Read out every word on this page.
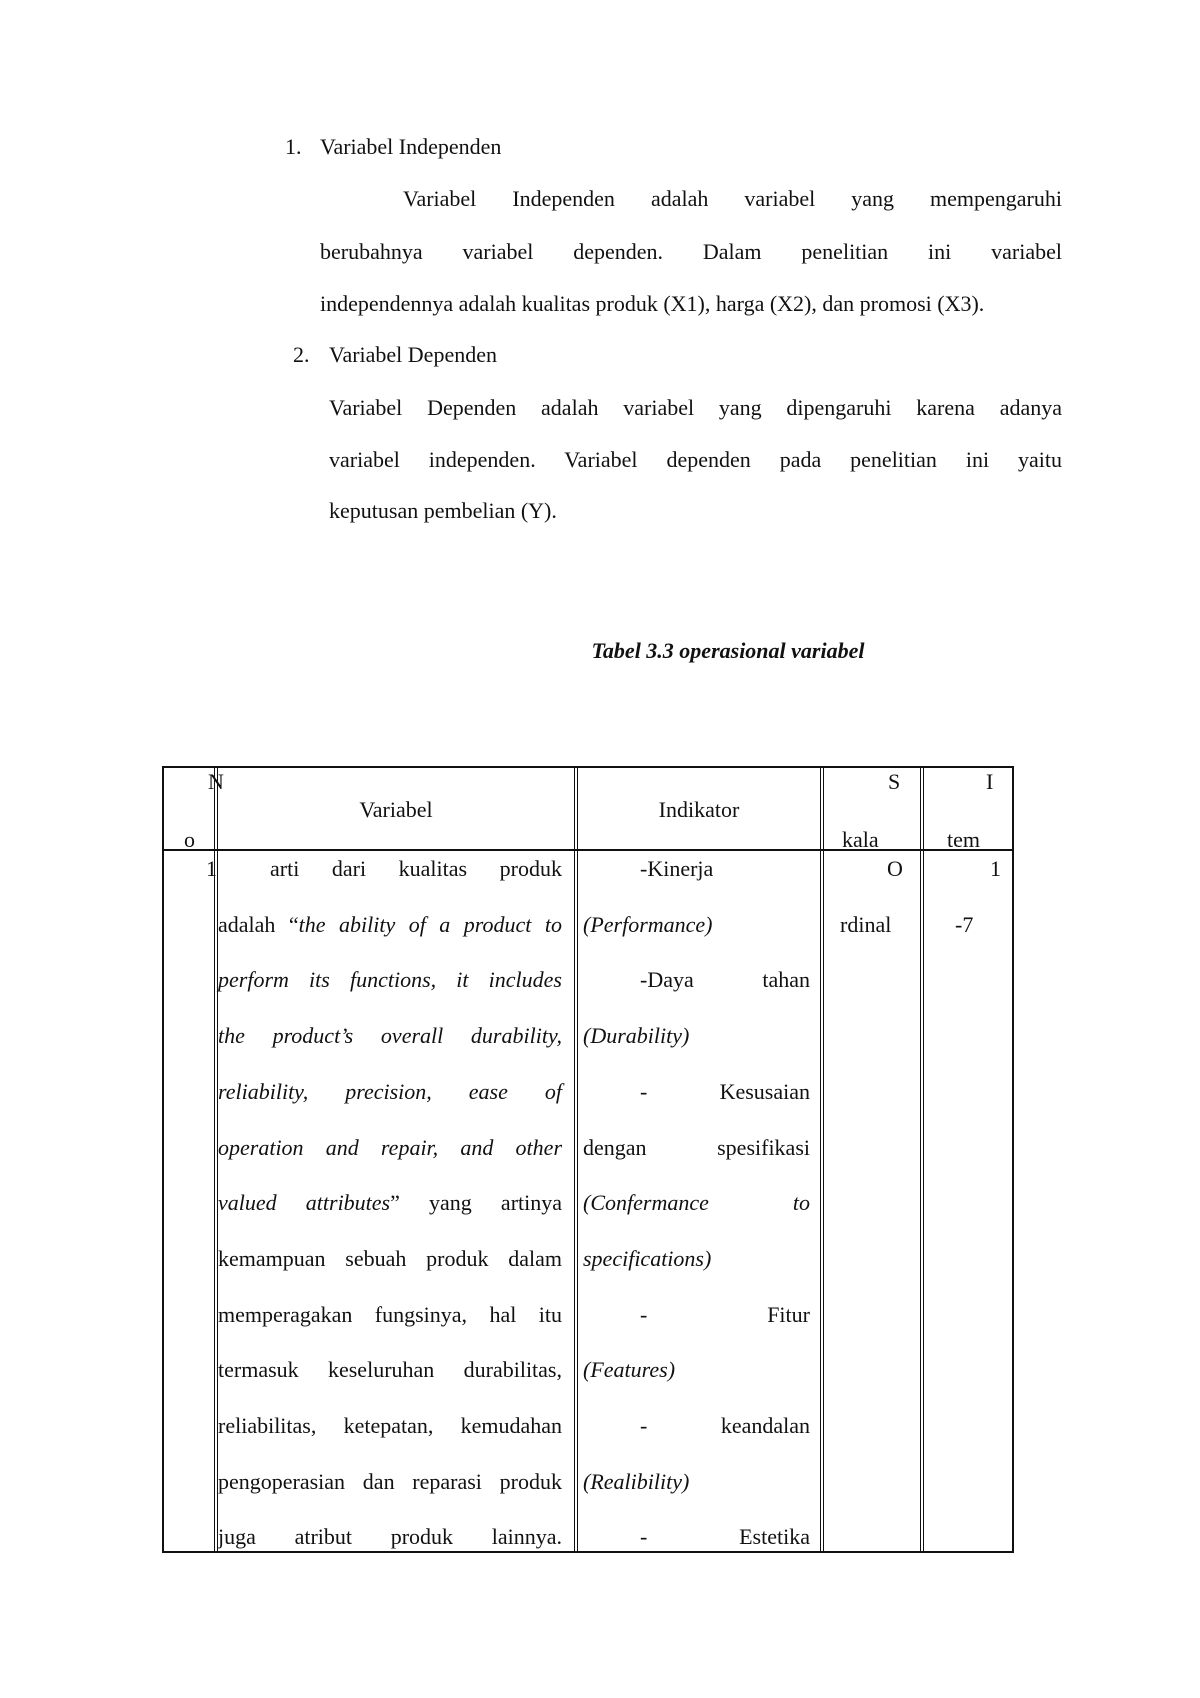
1. Variabel Independen
Variabel Independen adalah variabel yang mempengaruhi
berubahnya variabel dependen. Dalam penelitian ini variabel
independennya adalah kualitas produk (X1), harga (X2), dan promosi (X3).
2. Variabel Dependen
Variabel Dependen adalah variabel yang dipengaruhi karena adanya
variabel independen. Variabel dependen pada penelitian ini yaitu
keputusan pembelian (Y).
Tabel 3.3 operasional variabel
N
o
Variabel	Indikator
S
kala
I
tem
1	O
rdinal
1
-7
arti dari kualitas produk
adalah “the ability of a product to
perform its functions, it includes
the product’s overall durability,
reliability, precision, ease of
operation and repair, and other
valued attributes” yang artinya
kemampuan sebuah produk dalam
memperagakan fungsinya, hal itu
termasuk keseluruhan durabilitas,
reliabilitas, ketepatan, kemudahan
pengoperasian dan reparasi produk
juga atribut produk lainnya.
-Kinerja
(Performance)
-Daya tahan
(Durability)
- Kesusaian
dengan spesifikasi
(Confermance to
specifications)
- Fitur
(Features)
- keandalan
(Realibility)
- Estetika
